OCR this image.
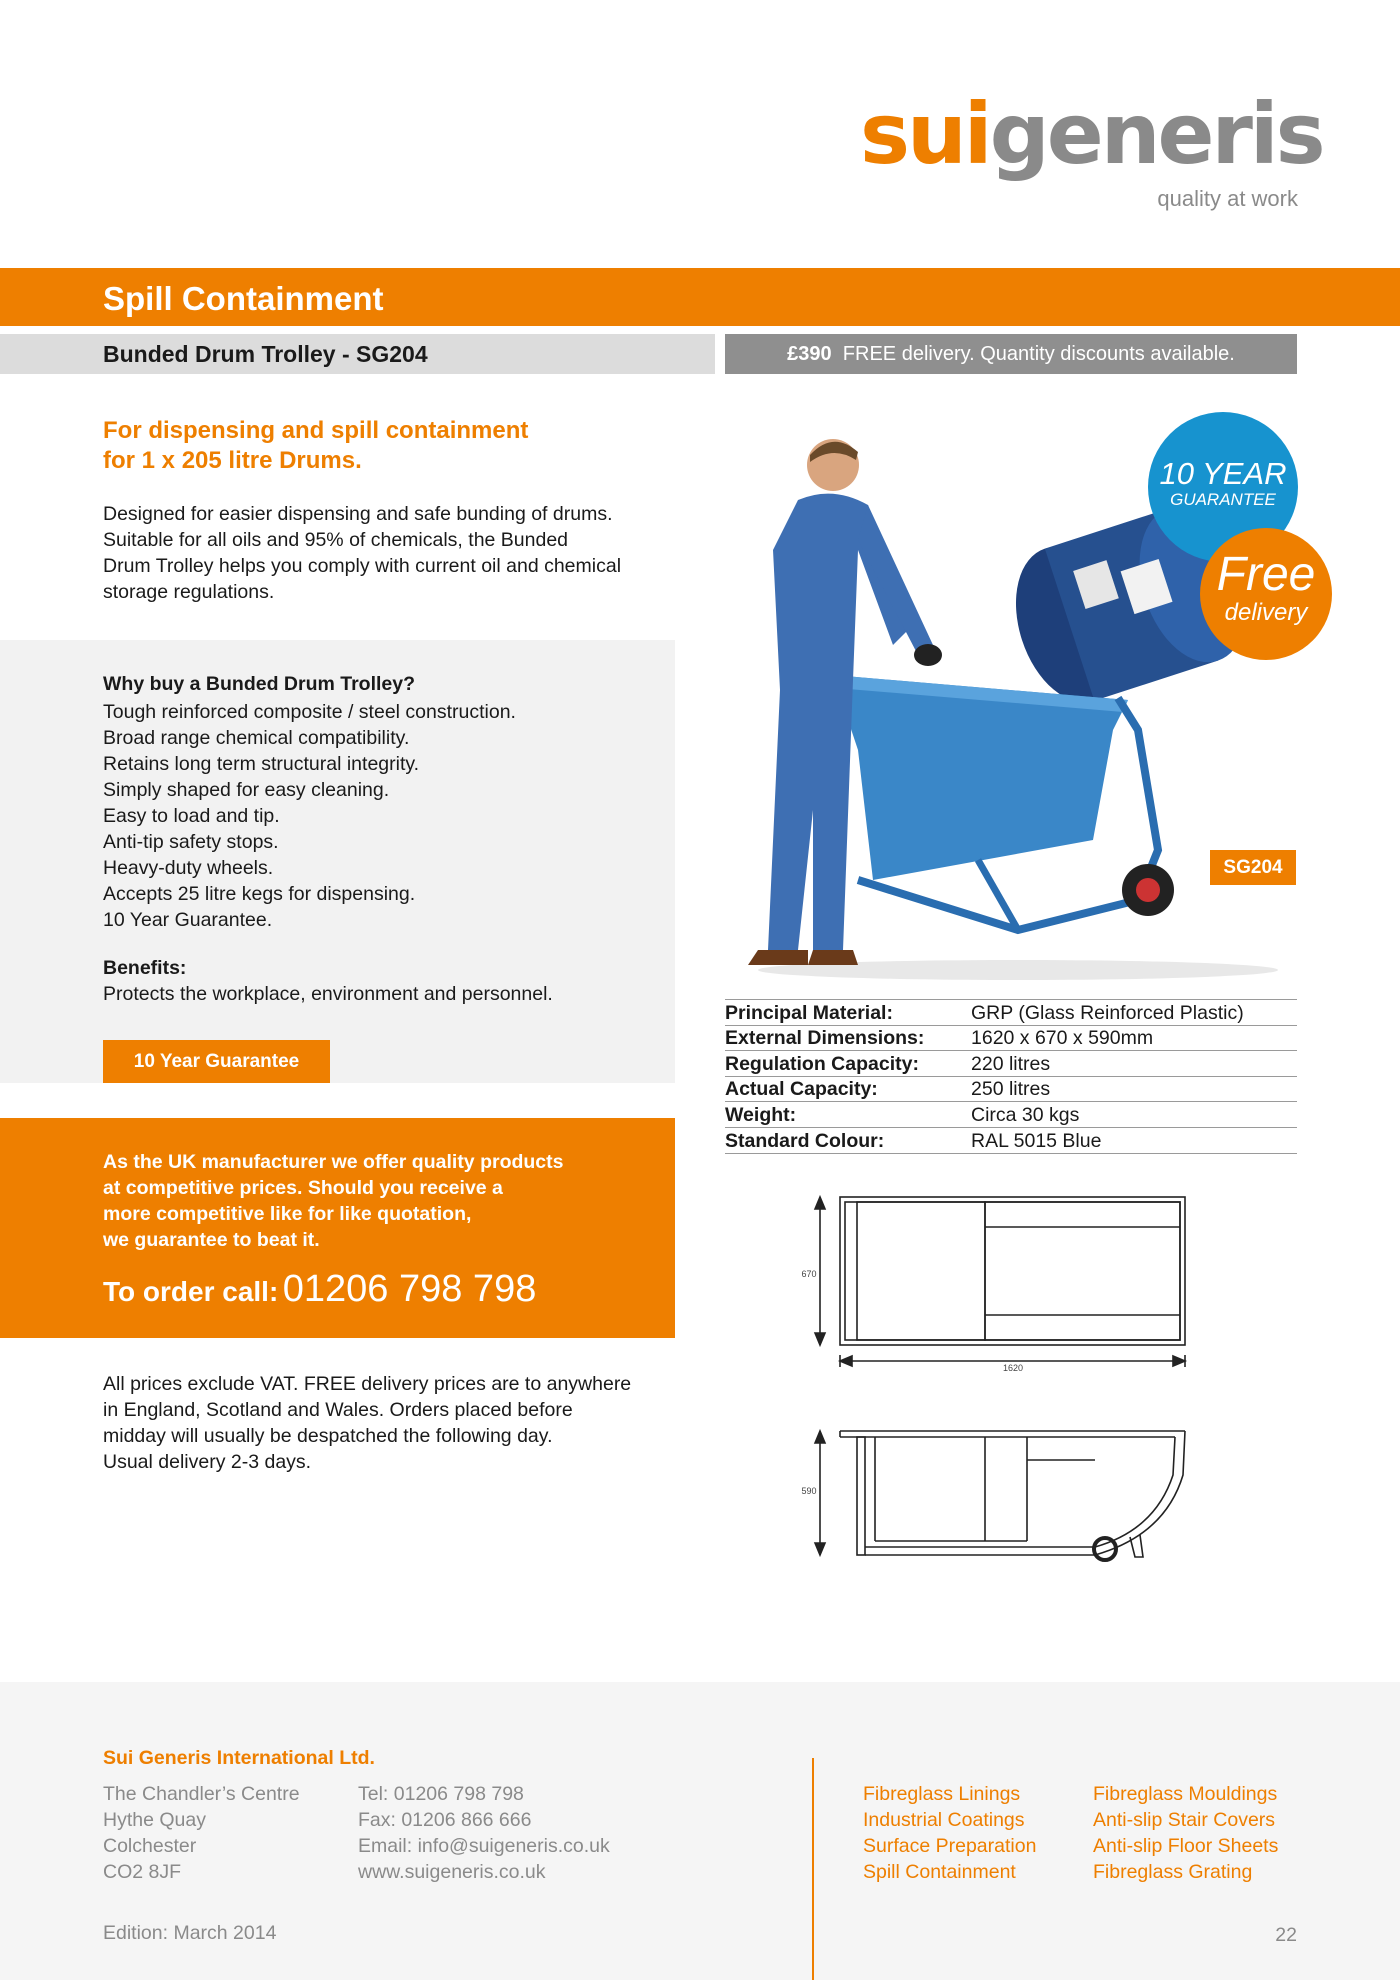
suigeneris
quality at work
Spill Containment
Bunded Drum Trolley - SG204	£390 FREE delivery. Quantity discounts available.
For dispensing and spill containment
for 1 x 205 litre Drums.
Designed for easier dispensing and safe bunding of drums.
Suitable for all oils and 95% of chemicals, the Bunded
Drum Trolley helps you comply with current oil and chemical
storage regulations.
Why buy a Bunded Drum Trolley?
Tough reinforced composite / steel construction.
Broad range chemical compatibility.
Retains long term structural integrity.
Simply shaped for easy cleaning.
Easy to load and tip.
Anti-tip safety stops.
Heavy-duty wheels.
Accepts 25 litre kegs for dispensing.
10 Year Guarantee.
Benefits:
Protects the workplace, environment and personnel.
10 Year Guarantee
As the UK manufacturer we offer quality products
at competitive prices. Should you receive a
more competitive like for like quotation,
we guarantee to beat it.
To order call: 01206 798 798
All prices exclude VAT. FREE delivery prices are to anywhere
in England, Scotland and Wales. Orders placed before
midday will usually be despatched the following day.
Usual delivery 2-3 days.
10 YEAR
GUARANTEE
Free
delivery
SG204
Principal Material:	GRP (Glass Reinforced Plastic)
External Dimensions:	1620 x 670 x 590mm
Regulation Capacity:	220 litres
Actual Capacity:	250 litres
Weight:	Circa 30 kgs
Standard Colour:	RAL 5015 Blue
670
1620
590
Sui Generis International Ltd.
The Chandler’s Centre
Hythe Quay
Colchester
CO2 8JF
Tel: 01206 798 798
Fax: 01206 866 666
Email: info@suigeneris.co.uk
www.suigeneris.co.uk
Fibreglass Linings
Industrial Coatings
Surface Preparation
Spill Containment
Fibreglass Mouldings
Anti-slip Stair Covers
Anti-slip Floor Sheets
Fibreglass Grating
Edition: March 2014	22
